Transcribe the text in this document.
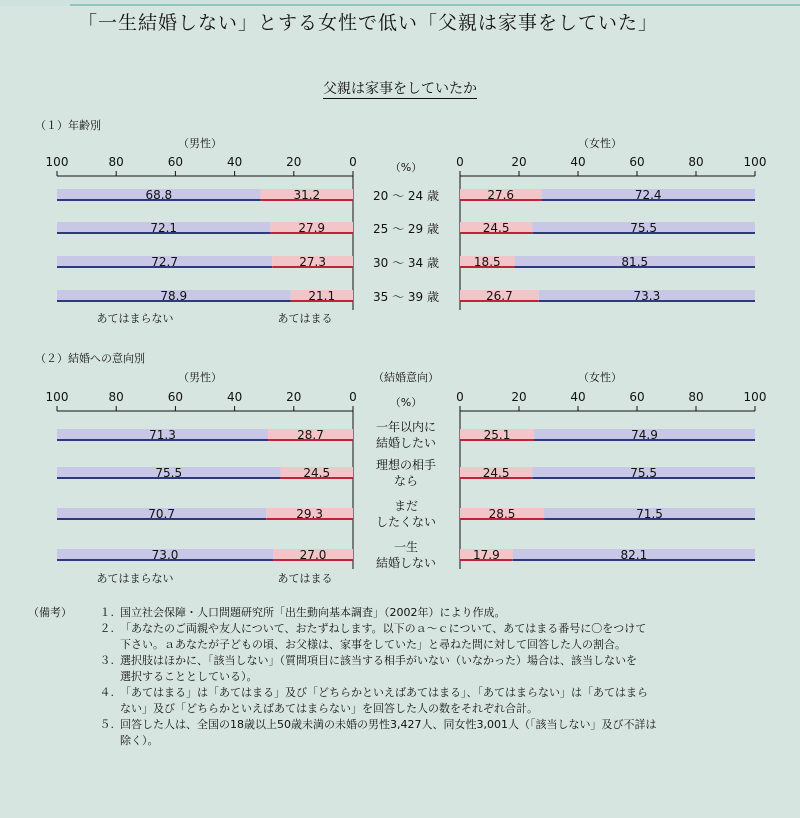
「一生結婚しない」とする女性で低い「父親は家事をしていた」
父親は家事をしていたか
（１）年齢別
（男性）	（女性）
（%）
100	80	60	40	20	0	0	20	40	60	80	100
68.8	31.2	27.6	72.4
20 〜 24 歳
72.1	27.9	24.5	75.5
25 〜 29 歳
72.7	27.3	18.5	81.5
30 〜 34 歳
78.9	21.1	26.7	73.3
35 〜 39 歳
あてはまらない	あてはまる
（２）結婚への意向別
（男性）	（女性）
（結婚意向）
（%）
100	80	60	40	20	0	0	20	40	60	80	100
71.3	28.7	25.1	74.9
一年以内に
結婚したい
75.5	24.5	24.5	75.5
理想の相手
なら
70.7	29.3	28.5	71.5
まだ
したくない
73.0	27.0	17.9	82.1
一生
結婚しない
あてはまらない	あてはまる
（備考）	１. 国立社会保障・人口問題研究所「出生動向基本調査」（2002年）により作成。
２. 「あなたのご両親や友人について、おたずねします。以下のａ〜ｃについて、あてはまる番号に〇をつけて
下さい。ａあなたが子どもの頃、お父様は、家事をしていた」と尋ねた問に対して回答した人の割合。
３. 選択肢はほかに、「該当しない」（質問項目に該当する相手がいない（いなかった）場合は、該当しないを
選択することとしている）。
４. 「あてはまる」は「あてはまる」及び「どちらかといえばあてはまる」、「あてはまらない」は「あてはまら
ない」及び「どちらかといえばあてはまらない」を回答した人の数をそれぞれ合計。
５. 回答した人は、全国の18歳以上50歳未満の未婚の男性3,427人、同女性3,001人（「該当しない」及び不詳は
除く）。
